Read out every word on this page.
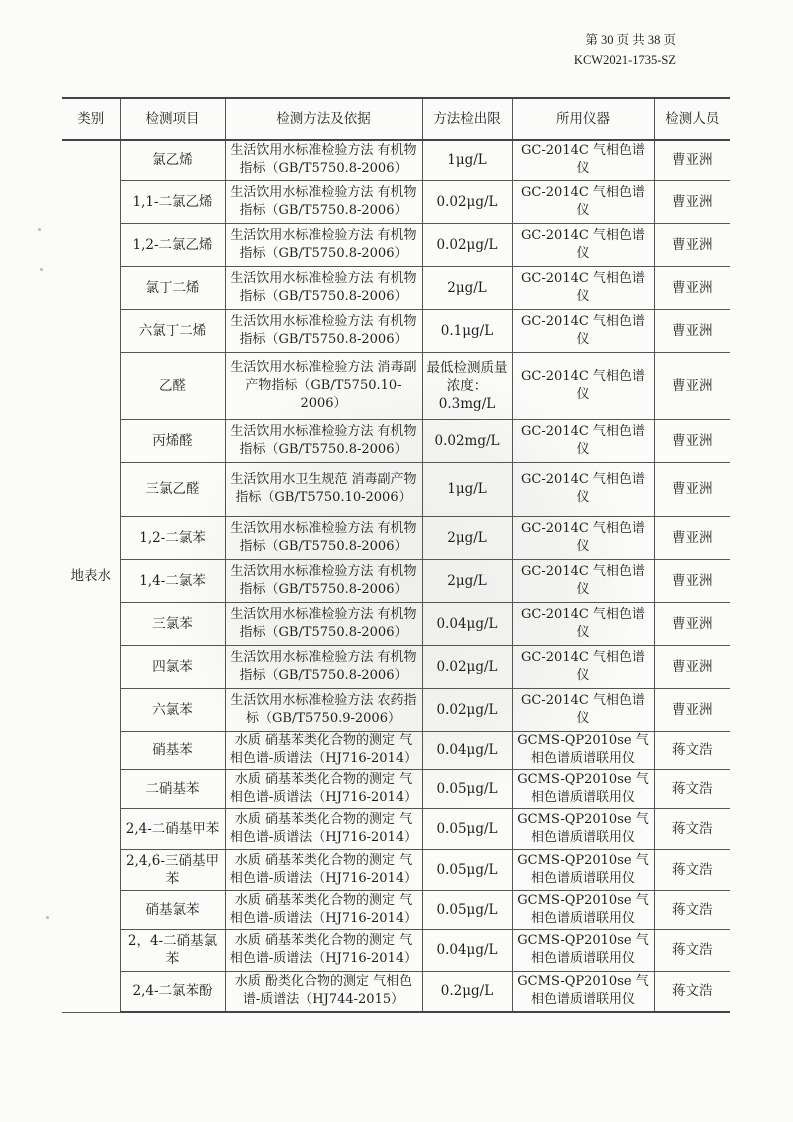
第 30 页 共 38 页
KCW2021-1735-SZ
类别	检测项目	检测方法及依据	方法检出限	所用仪器	检测人员
地表水	氯乙烯	生活饮用水标准检验方法 有机物指标（GB/T5750.8-2006）	1μg/L	GC-2014C 气相色谱仪	曹亚洲
	1,1-二氯乙烯	生活饮用水标准检验方法 有机物指标（GB/T5750.8-2006）	0.02μg/L	GC-2014C 气相色谱仪	曹亚洲
	1,2-二氯乙烯	生活饮用水标准检验方法 有机物指标（GB/T5750.8-2006）	0.02μg/L	GC-2014C 气相色谱仪	曹亚洲
	氯丁二烯	生活饮用水标准检验方法 有机物指标（GB/T5750.8-2006）	2μg/L	GC-2014C 气相色谱仪	曹亚洲
	六氯丁二烯	生活饮用水标准检验方法 有机物指标（GB/T5750.8-2006）	0.1μg/L	GC-2014C 气相色谱仪	曹亚洲
	乙醛	生活饮用水标准检验方法 消毒副产物指标（GB/T5750.10-2006）	最低检测质量浓度：0.3mg/L	GC-2014C 气相色谱仪	曹亚洲
	丙烯醛	生活饮用水标准检验方法 有机物指标（GB/T5750.8-2006）	0.02mg/L	GC-2014C 气相色谱仪	曹亚洲
	三氯乙醛	生活饮用水卫生规范 消毒副产物指标（GB/T5750.10-2006）	1μg/L	GC-2014C 气相色谱仪	曹亚洲
	1,2-二氯苯	生活饮用水标准检验方法 有机物指标（GB/T5750.8-2006）	2μg/L	GC-2014C 气相色谱仪	曹亚洲
	1,4-二氯苯	生活饮用水标准检验方法 有机物指标（GB/T5750.8-2006）	2μg/L	GC-2014C 气相色谱仪	曹亚洲
	三氯苯	生活饮用水标准检验方法 有机物指标（GB/T5750.8-2006）	0.04μg/L	GC-2014C 气相色谱仪	曹亚洲
	四氯苯	生活饮用水标准检验方法 有机物指标（GB/T5750.8-2006）	0.02μg/L	GC-2014C 气相色谱仪	曹亚洲
	六氯苯	生活饮用水标准检验方法 农药指标（GB/T5750.9-2006）	0.02μg/L	GC-2014C 气相色谱仪	曹亚洲
	硝基苯	水质 硝基苯类化合物的测定 气相色谱-质谱法（HJ716-2014）	0.04μg/L	GCMS-QP2010se 气相色谱质谱联用仪	蒋文浩
	二硝基苯	水质 硝基苯类化合物的测定 气相色谱-质谱法（HJ716-2014）	0.05μg/L	GCMS-QP2010se 气相色谱质谱联用仪	蒋文浩
	2,4-二硝基甲苯	水质 硝基苯类化合物的测定 气相色谱-质谱法（HJ716-2014）	0.05μg/L	GCMS-QP2010se 气相色谱质谱联用仪	蒋文浩
	2,4,6-三硝基甲苯	水质 硝基苯类化合物的测定 气相色谱-质谱法（HJ716-2014）	0.05μg/L	GCMS-QP2010se 气相色谱质谱联用仪	蒋文浩
	硝基氯苯	水质 硝基苯类化合物的测定 气相色谱-质谱法（HJ716-2014）	0.05μg/L	GCMS-QP2010se 气相色谱质谱联用仪	蒋文浩
	2，4-二硝基氯苯	水质 硝基苯类化合物的测定 气相色谱-质谱法（HJ716-2014）	0.04μg/L	GCMS-QP2010se 气相色谱质谱联用仪	蒋文浩
	2,4-二氯苯酚	水质 酚类化合物的测定 气相色谱-质谱法（HJ744-2015）	0.2μg/L	GCMS-QP2010se 气相色谱质谱联用仪	蒋文浩
